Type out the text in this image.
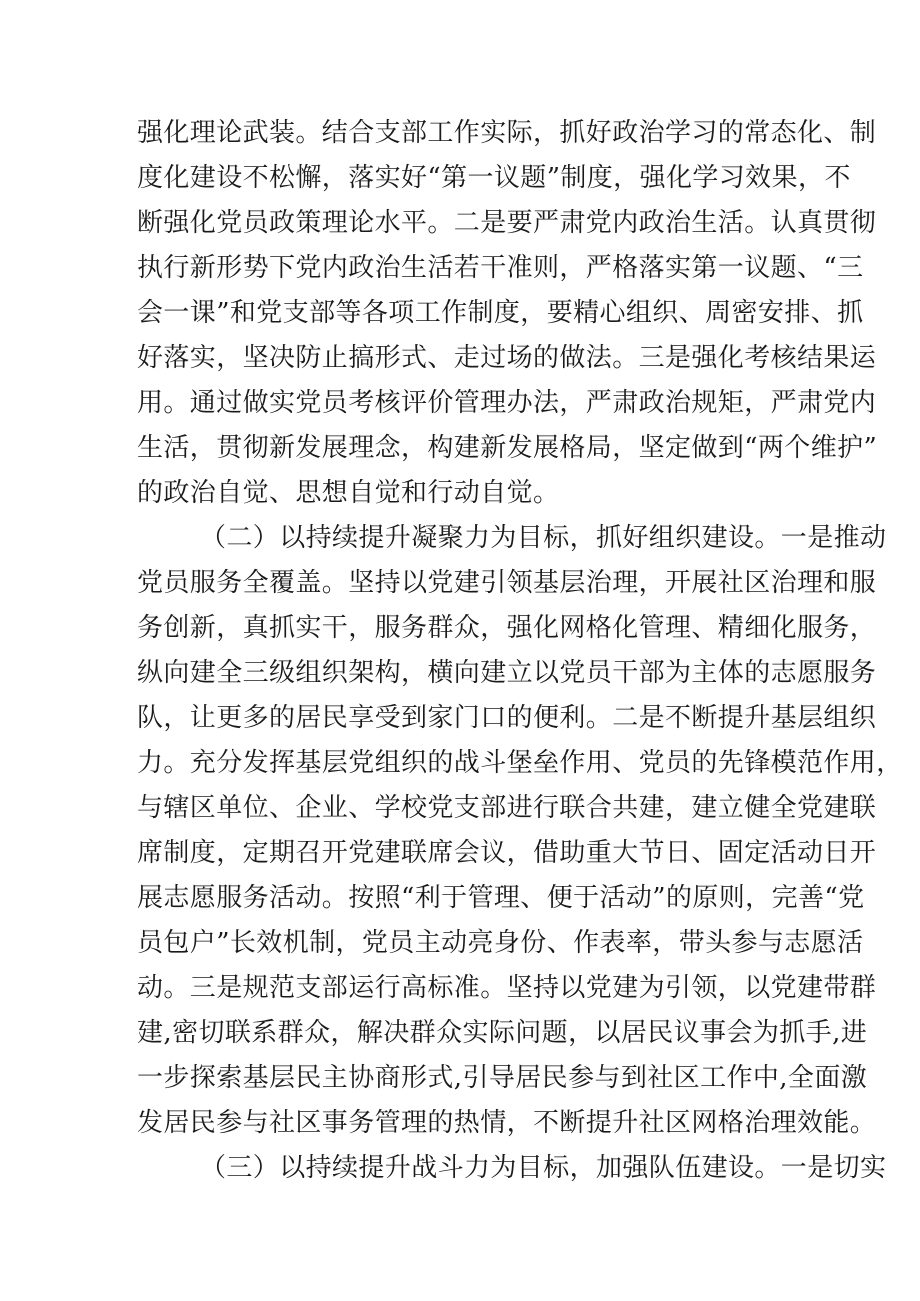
强化理论武装。结合支部工作实际，抓好政治学习的常态化、制
度化建设不松懈，落实好“第一议题”制度，强化学习效果，不
断强化党员政策理论水平。二是要严肃党内政治生活。认真贯彻
执行新形势下党内政治生活若干准则，严格落实第一议题、“三
会一课”和党支部等各项工作制度，要精心组织、周密安排、抓
好落实，坚决防止搞形式、走过场的做法。三是强化考核结果运
用。通过做实党员考核评价管理办法，严肃政治规矩，严肃党内
生活，贯彻新发展理念，构建新发展格局，坚定做到“两个维护”
的政治自觉、思想自觉和行动自觉。
（二）以持续提升凝聚力为目标，抓好组织建设。一是推动
党员服务全覆盖。坚持以党建引领基层治理，开展社区治理和服
务创新，真抓实干，服务群众，强化网格化管理、精细化服务，
纵向建全三级组织架构，横向建立以党员干部为主体的志愿服务
队，让更多的居民享受到家门口的便利。二是不断提升基层组织
力。充分发挥基层党组织的战斗堡垒作用、党员的先锋模范作用，
与辖区单位、企业、学校党支部进行联合共建，建立健全党建联
席制度，定期召开党建联席会议，借助重大节日、固定活动日开
展志愿服务活动。按照“利于管理、便于活动”的原则，完善“党
员包户”长效机制，党员主动亮身份、作表率，带头参与志愿活
动。三是规范支部运行高标准。坚持以党建为引领，以党建带群
建,密切联系群众，解决群众实际问题，以居民议事会为抓手,进
一步探索基层民主协商形式,引导居民参与到社区工作中,全面激
发居民参与社区事务管理的热情，不断提升社区网格治理效能。
（三）以持续提升战斗力为目标，加强队伍建设。一是切实
